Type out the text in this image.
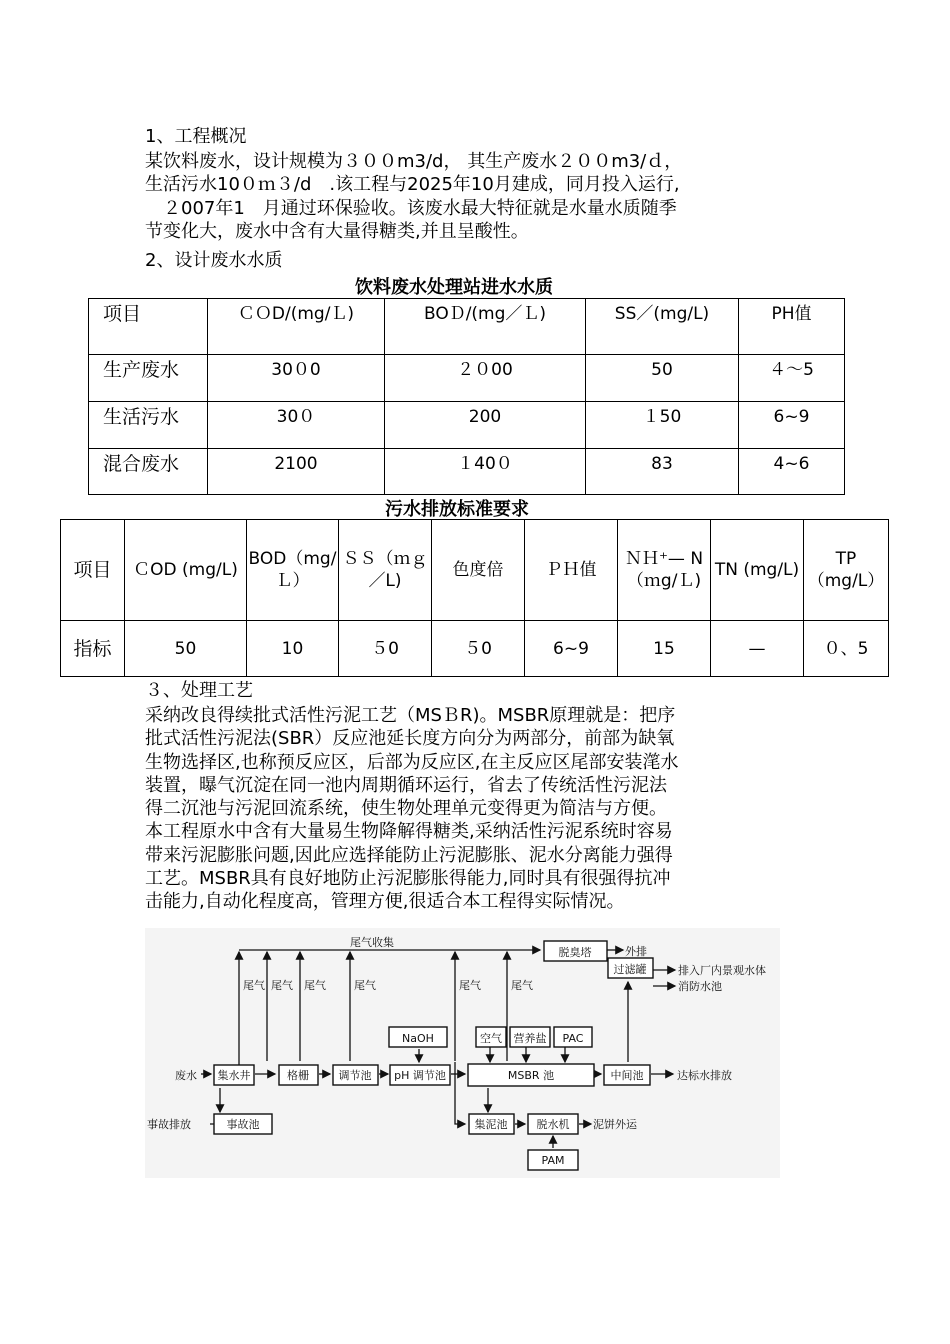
1、工程概况

某饮料废水，设计规模为３００m3/d， 其生产废水２００m3/ｄ，

生活污水10０ｍ３/d　.该工程与2025年10月建成，同月投入运行,

　２007年1　月通过环保验收。该废水最大特征就是水量水质随季

节变化大，废水中含有大量得糖类,并且呈酸性。

2、设计废水水质
饮料废水处理站进水水质
项目	ＣＯD/(mg/Ｌ)	BOＤ/(mg／Ｌ)	SS／(mg/L)	PH值
生产废水	30０0	２０00	50	４～5
生活污水	30０	200	１50	6~9
混合废水	2100	１40０	83	4~6
污水排放标准要求
项目	ＣOD (mg/L)	BOD（mg/Ｌ）	ＳＳ（ｍｇ／L)	色度倍	ＰＨ值	ＮＨ⁺— N（ｍg/Ｌ)	TN (mg/L)	TP（mg/L）
指标	50	10	５0	５0	6~9	15	—	０、5
３、处理工艺

采纳改良得续批式活性污泥工艺（MSＢR)。MSBR原理就是：把序

批式活性污泥法(SBR）反应池延长度方向分为两部分，前部为缺氧

生物选择区,也称预反应区，后部为反应区,在主反应区尾部安装滗水

装置，曝气沉淀在同一池内周期循环运行，省去了传统活性污泥法

得二沉池与污泥回流系统，使生物处理单元变得更为简洁与方便。

本工程原水中含有大量易生物降解得糖类,采纳活性污泥系统时容易

带来污泥膨胀问题,因此应选择能防止污泥膨胀、泥水分离能力强得

工艺。MSBR具有良好地防止污泥膨胀得能力,同时具有很强得抗冲

击能力,自动化程度高，管理方便,很适合本工程得实际情况。

尾气收集
脱臭塔	外排
尾气 尾气 尾气	尾气	尾气	尾气
过滤罐	排入厂内景观水体
消防水池
NaOH	空气 营养盐 PAC
废水 集水井	格栅	调节池 pH 调节池	MSBR 池	中间池	达标水排放
事故排放	事故池	集泥池	脱水机 泥饼外运
PAM
